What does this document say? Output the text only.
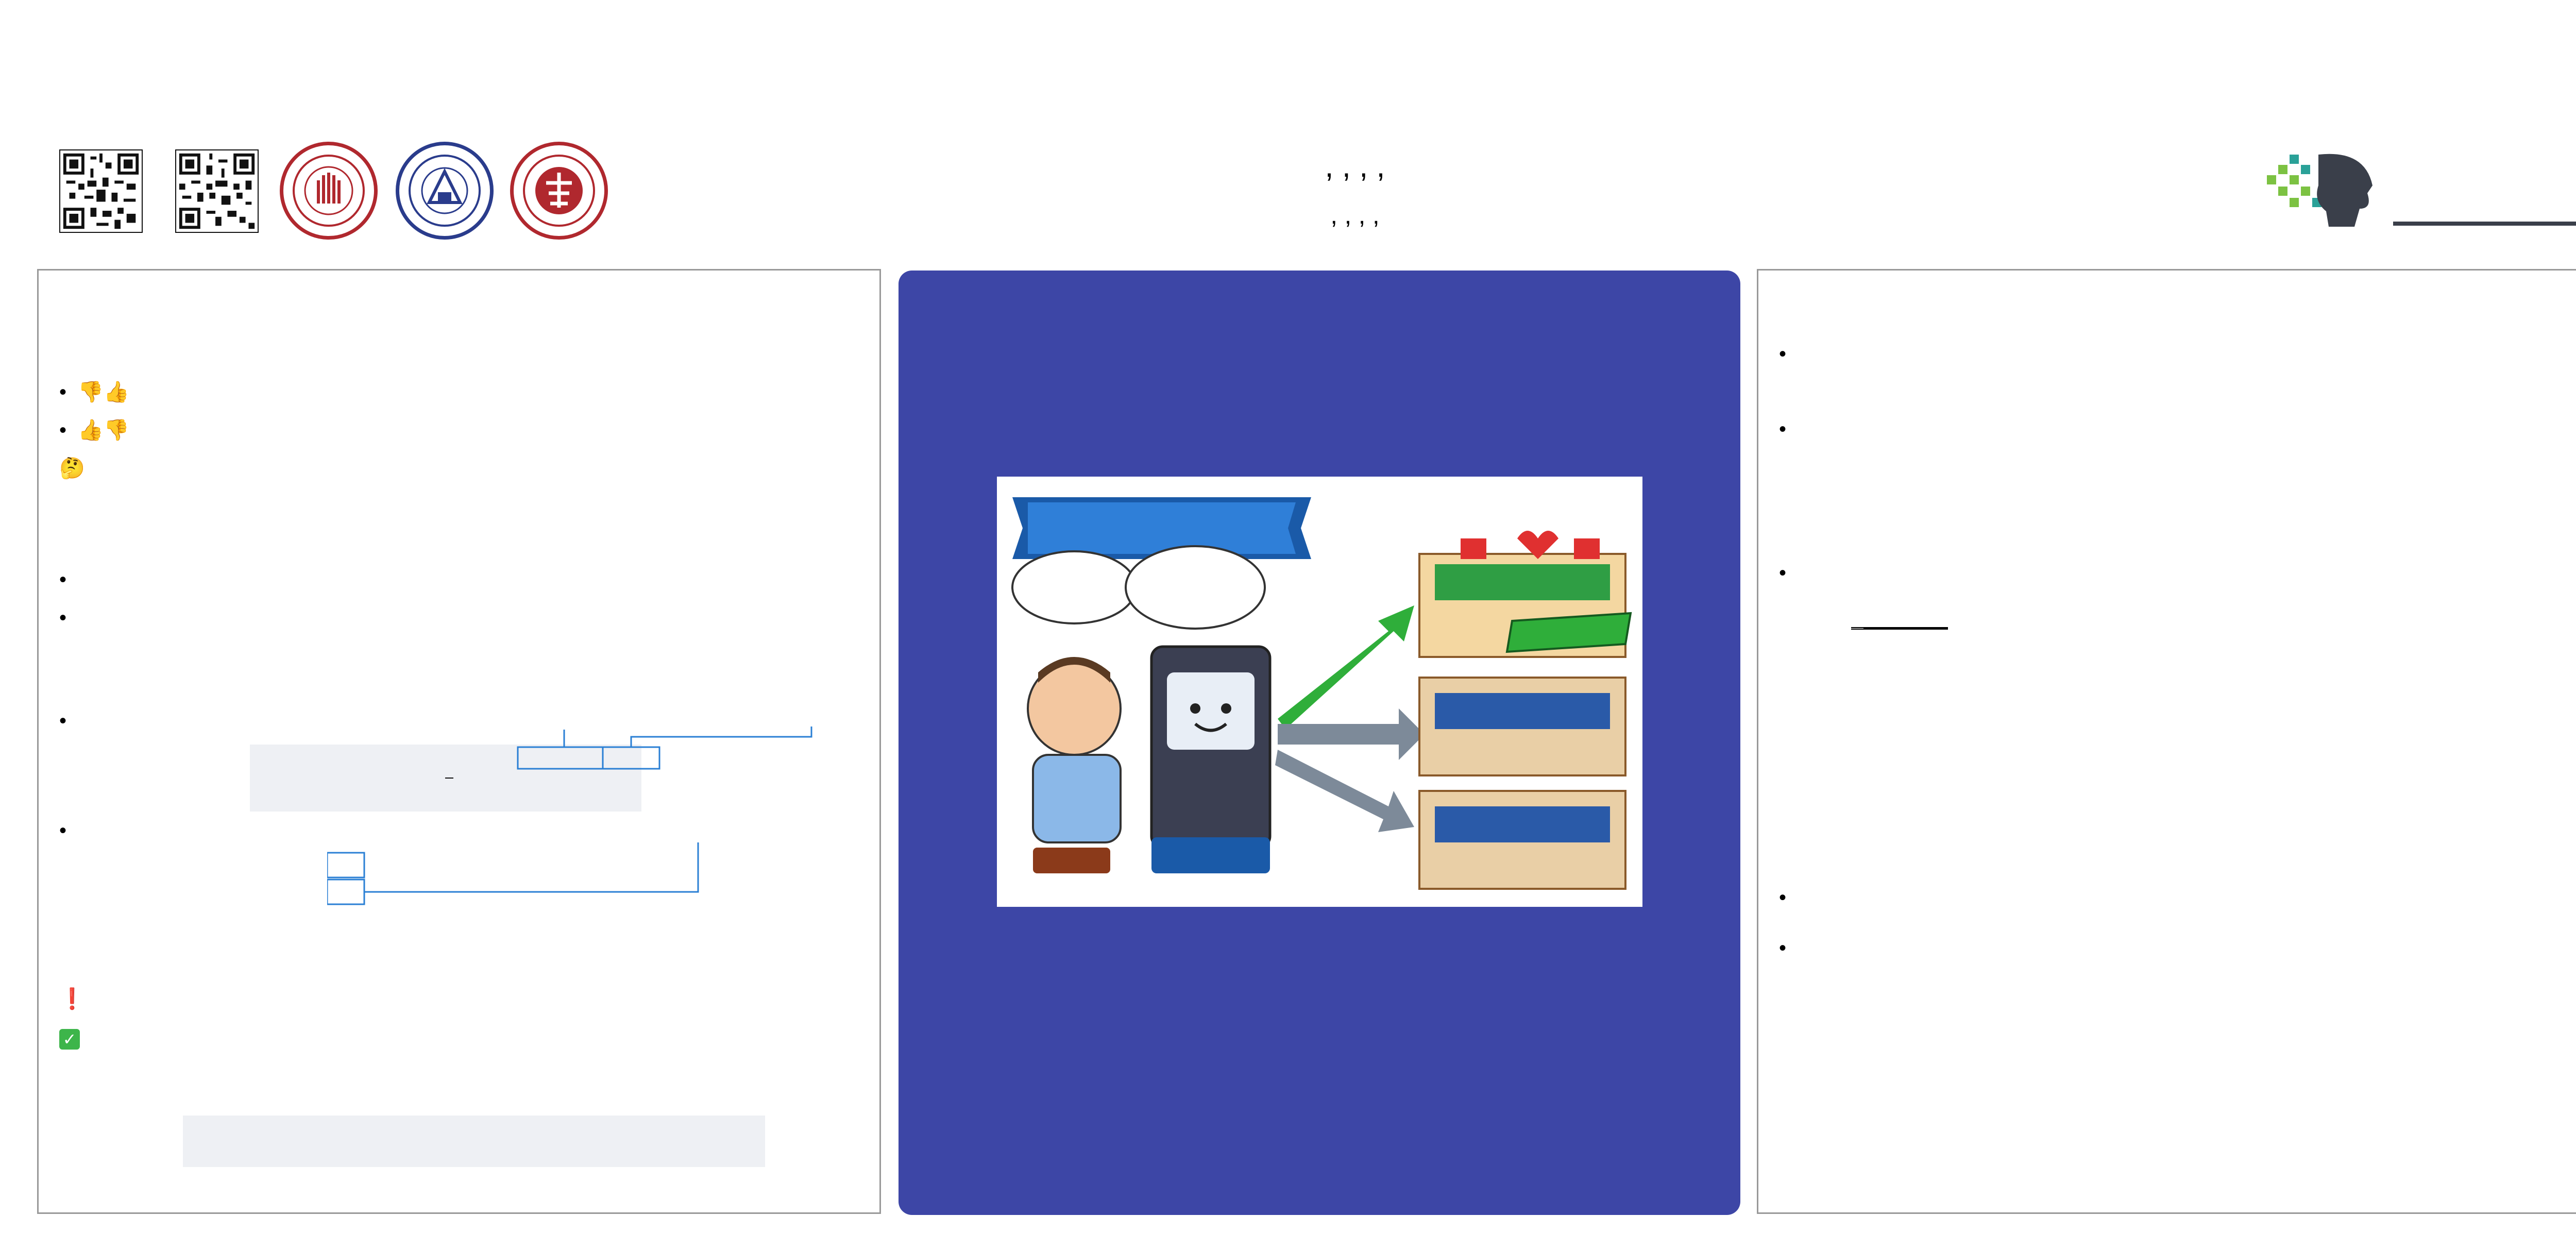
, , , ,
, , , ,
•  👎👍
•  👍👎
🤔
•
•
•
•
❗
✓
•
•
•

•
•
